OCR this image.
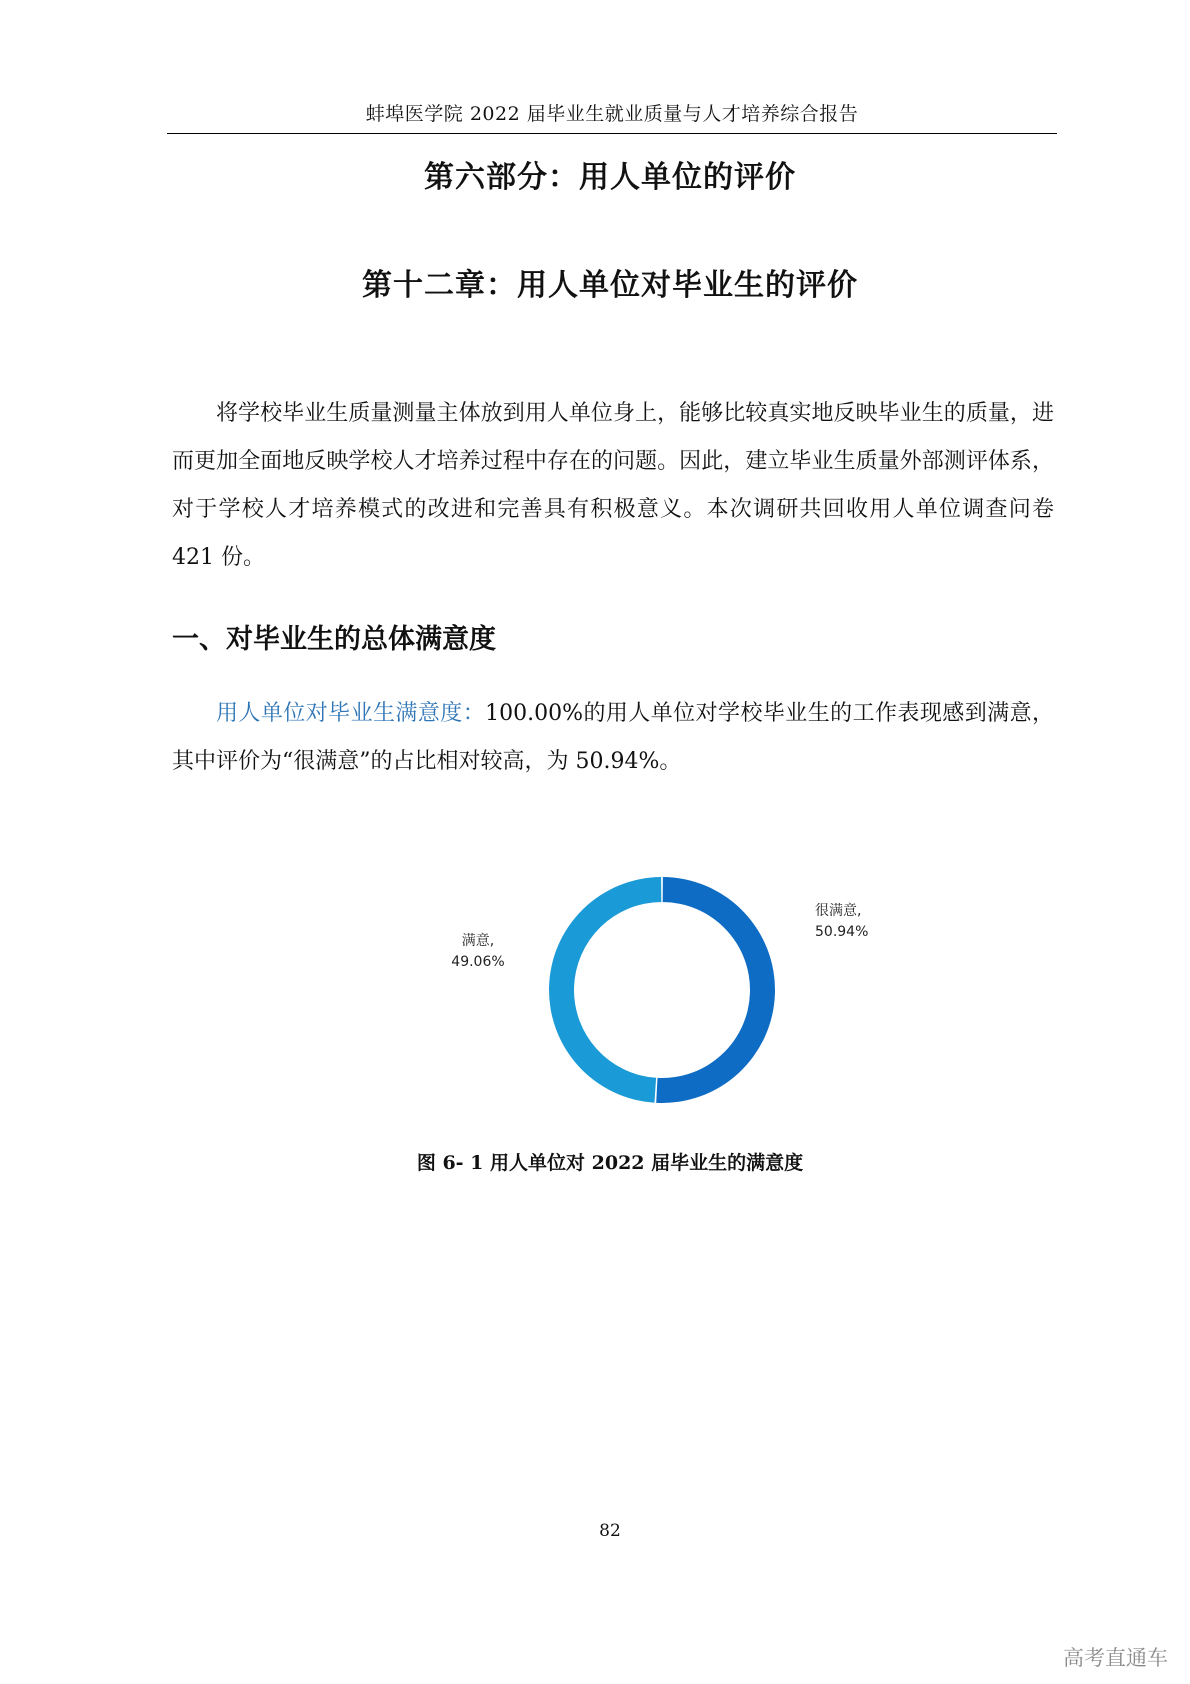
蚌埠医学院 2022 届毕业生就业质量与人才培养综合报告
第六部分：用人单位的评价
第十二章：用人单位对毕业生的评价

将学校毕业生质量测量主体放到用人单位身上，能够比较真实地反映毕业生的质量，进而更加全面地反映学校人才培养过程中存在的问题。因此，建立毕业生质量外部测评体系，对于学校人才培养模式的改进和完善具有积极意义。本次调研共回收用人单位调查问卷 421 份。

一、对毕业生的总体满意度

用人单位对毕业生满意度：100.00%的用人单位对学校毕业生的工作表现感到满意，其中评价为“很满意”的占比相对较高，为 50.94%。

很满意,
50.94%
满意,
49.06%
图 6- 1 用人单位对 2022 届毕业生的满意度
82
高考直通车
